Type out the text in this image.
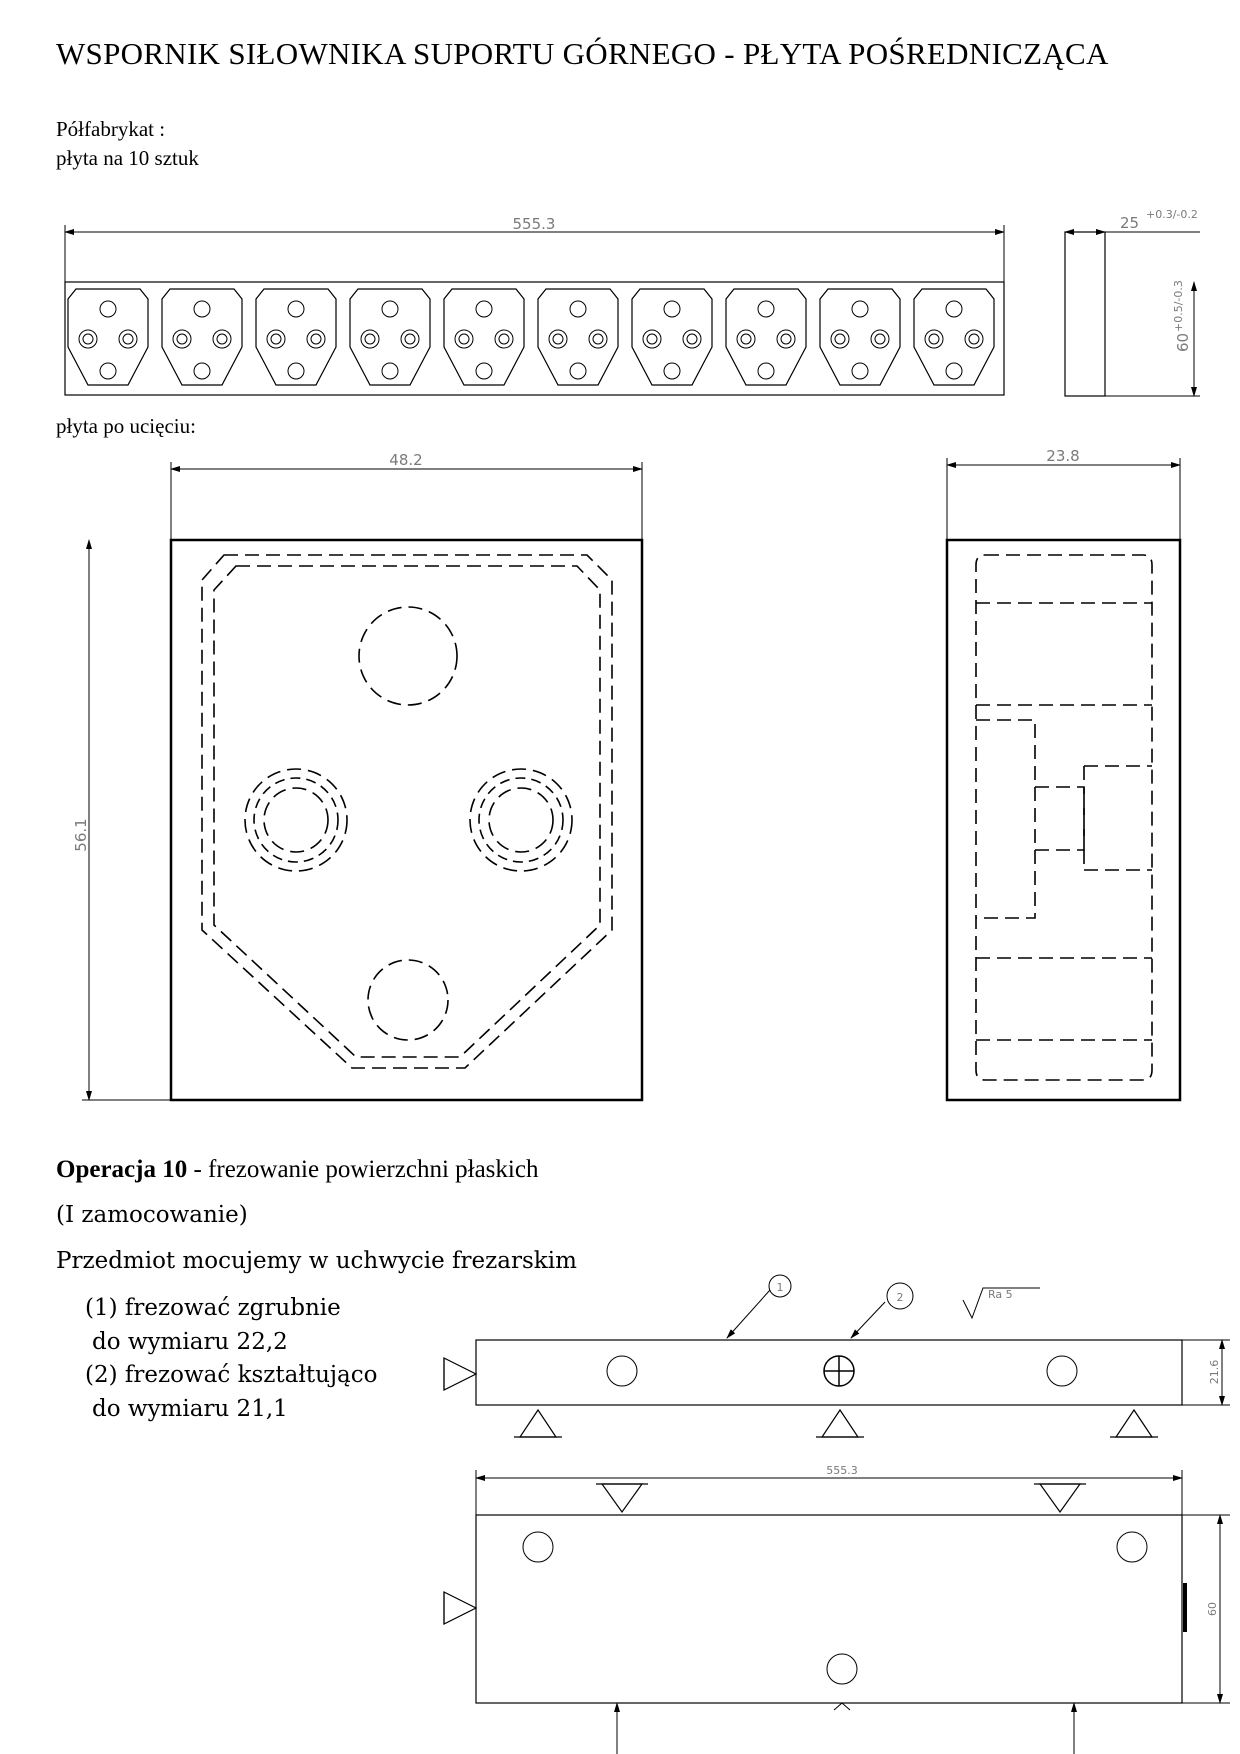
WSPORNIK SIŁOWNIKA SUPORTU GÓRNEGO - PŁYTA POŚREDNICZĄCA
Półfabrykat :
płyta na 10 sztuk
płyta po ucięciu:
Operacja 10 - frezowanie powierzchni płaskich
(I zamocowanie)
Przedmiot mocujemy w uchwycie frezarskim
(1) frezować zgrubnie
do wymiaru 22,2
(2) frezować kształtująco
do wymiaru 21,1
555.3	25 +0.3/-0.2
60
+0.5/-0.3
48.2
56.1
23.8
21.6
1
2	Ra 5
555.3
60
